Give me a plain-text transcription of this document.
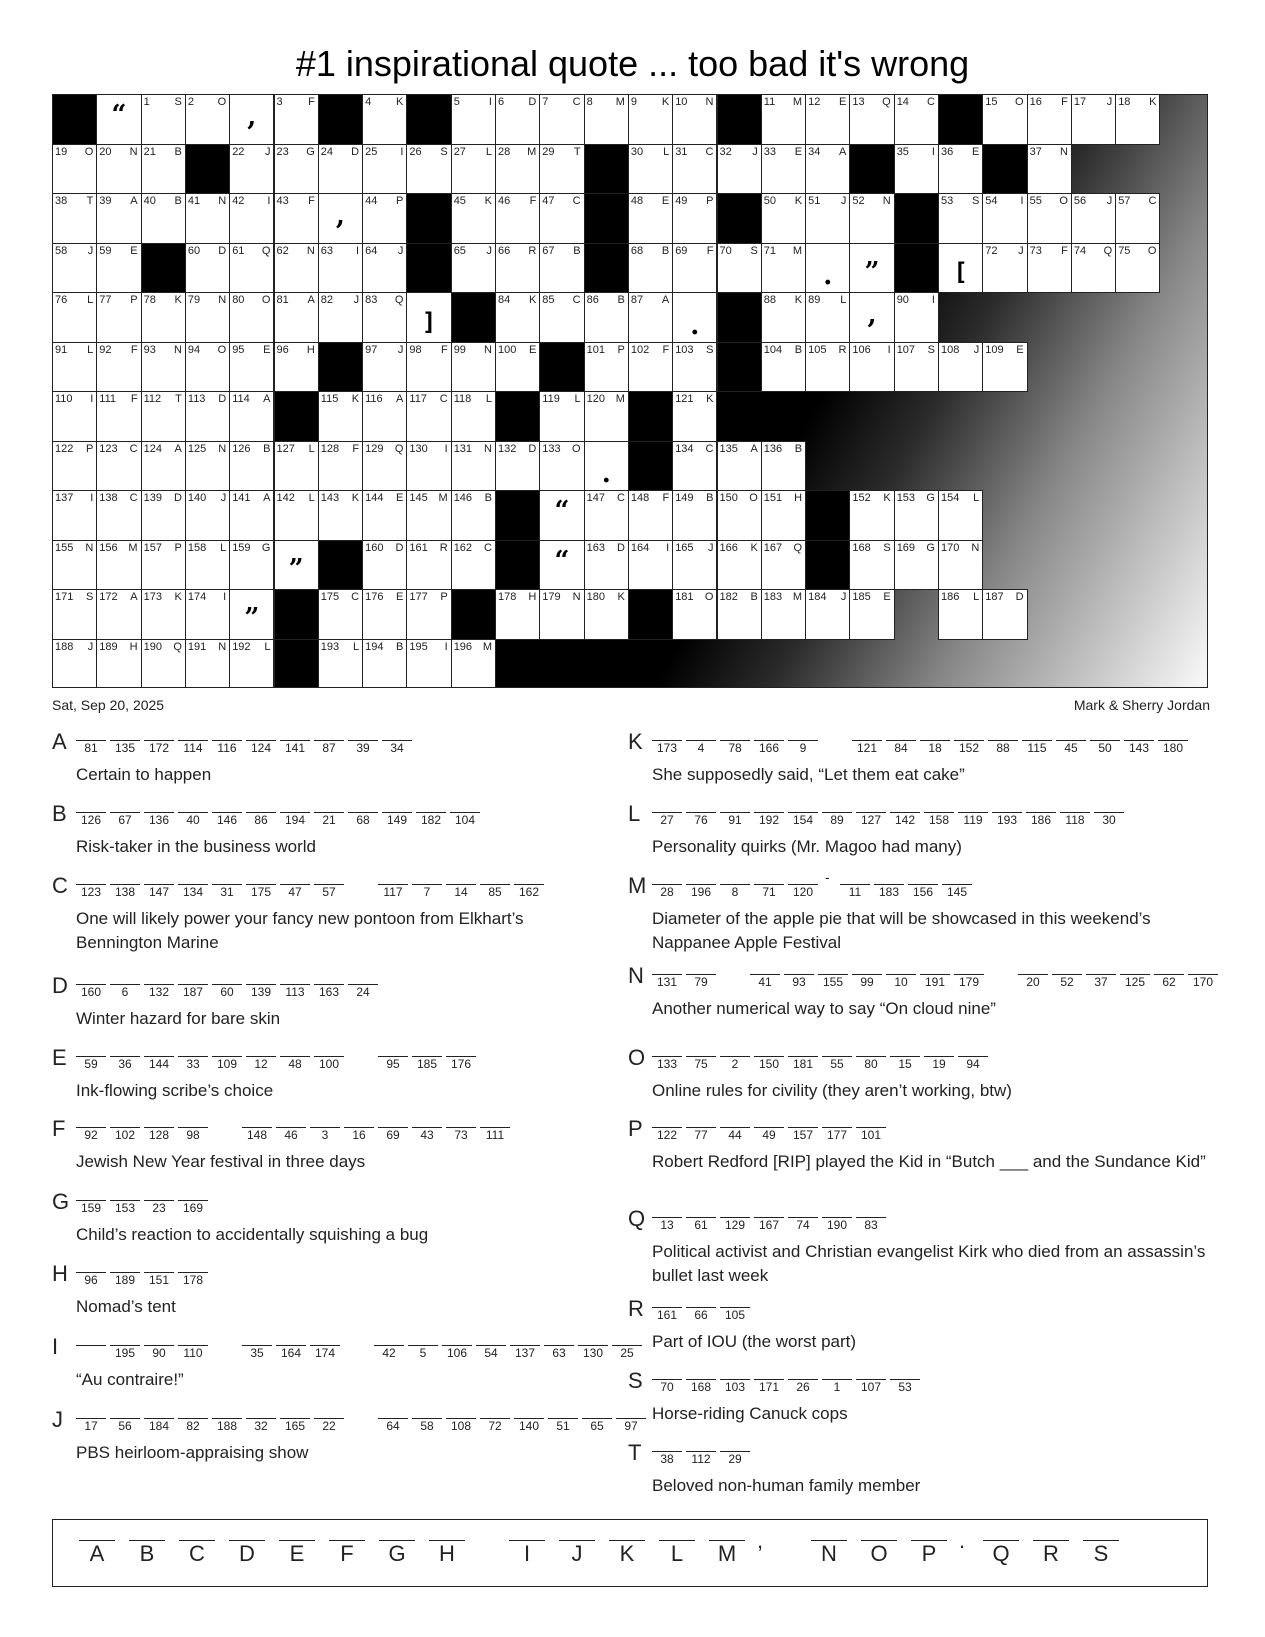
#1 inspirational quote ... too bad it's wrong
“	1 S 2 O ,	3 F	4 K	5	I 6 D 7 C 8 M 9 K 10 N	11 M 12 E 13 Q 14 C	15 O 16 F 17 J 18 K
19 O 20 N 21 B	22 J 23 G 24 D 25 I 26 S 27 L 28 M 29 T	30 L 31 C 32 J 33 E 34 A	35 I 36 E	37 N
38 T 39 A 40 B 41 N 42 I 43 F ,	44 P	45 K 46 F 47 C	48 E 49 P	50 K 51 J 52 N	53 S 54 I 55 O 56 J 57 C
58 J 59 E	60 D 61 Q 62 N 63 I 64 J	65 J 66 R 67 B	68 B 69 F 70 S 71 M
.	”	[
72 J 73 F 74 Q 75 O
76 L 77 P 78 K 79 N 80 O 81 A 82 J 83 Q
]
84 K 85 C 86 B 87 A
.
88 K 89 L ,	90 I
91 L 92 F 93 N 94 O 95 E 96 H	97 J 98 F 99 N 100 E	101 P 102 F 103 S	104 B 105 R 106 I 107 S 108 J 109 E
110 I 111 F 112 T 113 D 114 A	115 K 116 A 117 C 118 L	119 L 120 M	121 K
122 P 123 C 124 A 125 N 126 B 127 L 128 F 129 Q 130 I 131 N 132 D 133 O
.
134 C 135 A 136 B
137 I 138 C 139 D 140 J 141 A 142 L 143 K 144 E 145 M 146 B	“	147 C 148 F 149 B 150 O 151 H	152 K 153 G 154 L
155 N 156 M 157 P 158 L 159 G
”
160 D 161 R 162 C	“	163 D 164 I 165 J 166 K 167 Q	168 S 169 G 170 N
171 S 172 A 173 K 174 I
”
175 C 176 E 177 P	178 H 179 N 180 K	181 O 182 B 183 M 184 J 185 E	186 L 187 D
188 J 189 H 190 Q 191 N 192 L	193 L 194 B 195 I 196 M
Sat, Sep 20, 2025	Mark & Sherry Jordan
A	81 135 172 114 116 124 141 87 39 34
Certain to happen
B	126 67 136 40 146 86 194 21 68 149 182 104
Risk-taker in the business world
C	123 138 147 134 31 175 47 57	117 7 14 85 162
One will likely power your fancy new pontoon from Elkhart’s Bennington Marine
D	160 6 132 187 60 139 113 163 24
Winter hazard for bare skin
E	59 36 144 33 109 12 48 100	95 185 176
Ink-flowing scribe’s choice
F	92 102 128 98	148 46 3 16 69 43 73 111
Jewish New Year festival in three days
G 159 153 23 169
Child’s reaction to accidentally squishing a bug
H	96 189 151 178
Nomad’s tent
I	195 90 110	35 164 174	42 5 106 54 137 63 130 25
“Au contraire!”
J	17 56 184 82 188 32 165 22	64 58 108 72 140 51 65 97
PBS heirloom-appraising show
K	173 4 78 166 9	121 84 18 152 88 115 45 50 143 180
She supposedly said, “Let them eat cake”
L	27 76 91 192 154 89 127 142 158 119 193 186 118 30
Personality quirks (Mr. Magoo had many)
M	28 196 8 71 120
-
11 183 156 145
Diameter of the apple pie that will be showcased in this weekend’s Nappanee Apple Festival
N	131 79	41 93 155 99 10 191 179	20 52 37 125 62 170
Another numerical way to say “On cloud nine”
O 133 75 2 150 181 55 80 15 19 94
Online rules for civility (they aren’t working, btw)
P	122 77 44 49 157 177 101
Robert Redford [RIP] played the Kid in “Butch ___ and the Sundance Kid”
Q	13 61 129 167 74 190 83
Political activist and Christian evangelist Kirk who died from an assassin’s bullet last week
R	161 66 105
Part of IOU (the worst part)
S	70 168 103 171 26 1 107 53
Horse-riding Canuck cops
T	38 112 29
Beloved non-human family member
A	B	C	D	E	F	G	H	I	J	K	L	M
,
N	O	P
.
Q	R	S
